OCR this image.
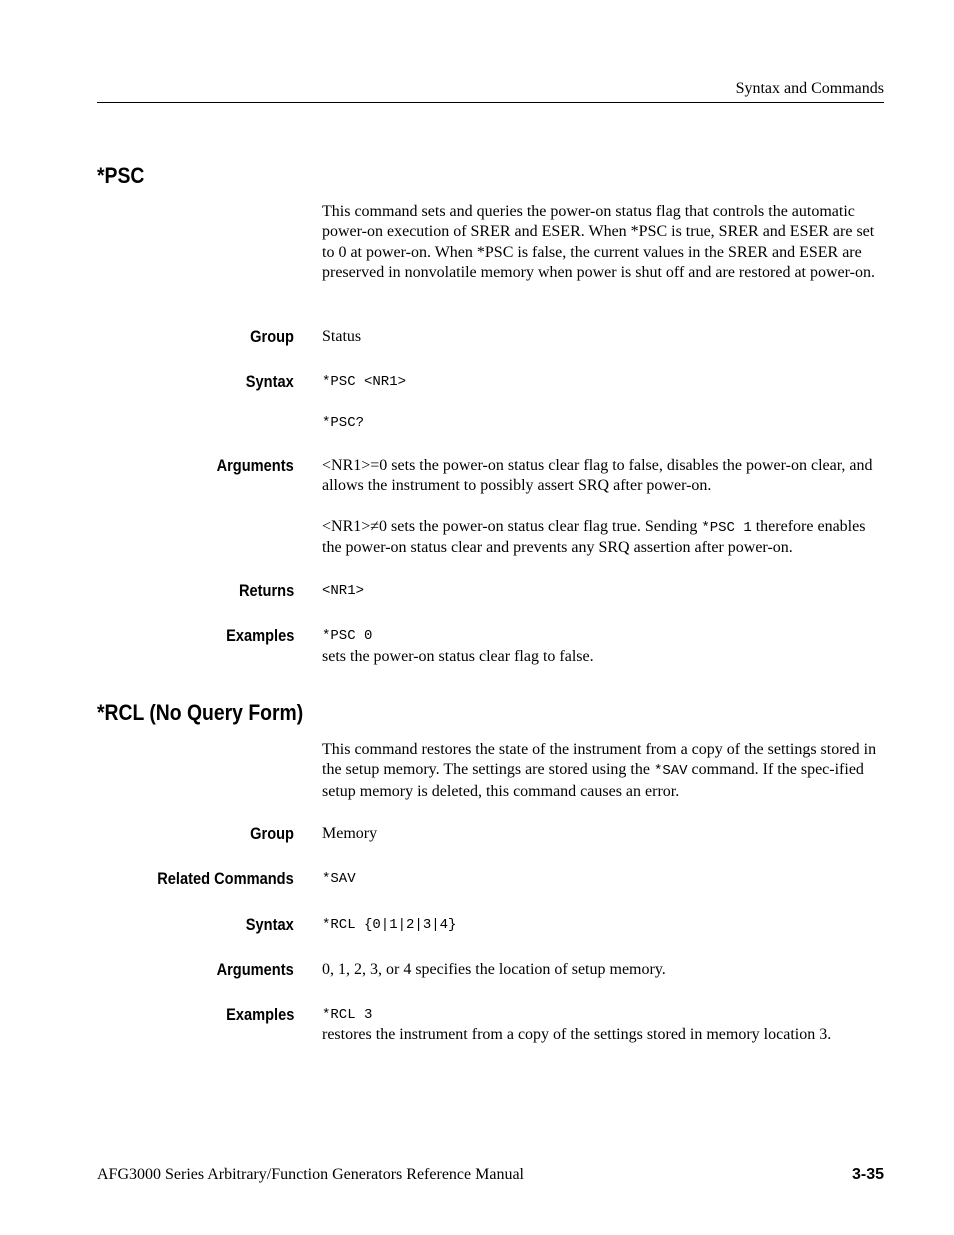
Syntax and Commands
*PSC

This command sets and queries the power-on status flag that controls the automatic power-on execution of SRER and ESER. When *PSC is true, SRER and ESER are set to 0 at power-on. When *PSC is false, the current values in the SRER and ESER are preserved in nonvolatile memory when power is shut off and are restored at power-on.

Group Status
Syntax *PSC <NR1>
*PSC?
Arguments <NR1>=0 sets the power-on status clear flag to false, disables the power-on clear, and allows the instrument to possibly assert SRQ after power-on.
<NR1>≠0 sets the power-on status clear flag true. Sending *PSC 1 therefore enables the power-on status clear and prevents any SRQ assertion after power-on.
Returns <NR1>
Examples *PSC 0
sets the power-on status clear flag to false.
*RCL (No Query Form)

This command restores the state of the instrument from a copy of the settings stored in the setup memory. The settings are stored using the *SAV command. If the spec-ified setup memory is deleted, this command causes an error.

Group Memory
Related Commands *SAV
Syntax *RCL {0|1|2|3|4}
Arguments 0, 1, 2, 3, or 4 specifies the location of setup memory.
Examples *RCL 3
restores the instrument from a copy of the settings stored in memory location 3.
AFG3000 Series Arbitrary/Function Generators Reference Manual	3-35
